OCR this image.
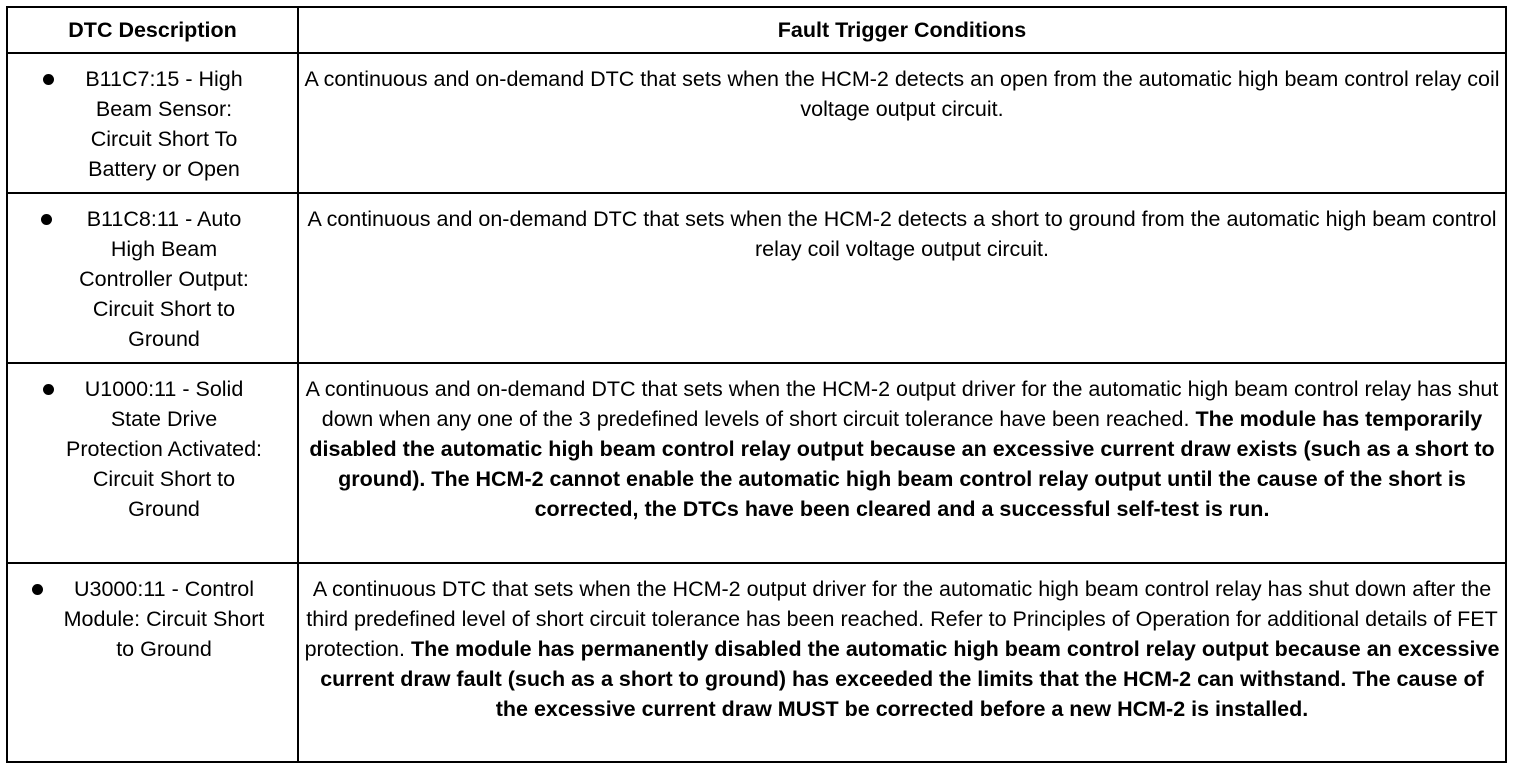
DTC Description	Fault Trigger Conditions

B11C7:15 - High Beam Sensor: Circuit Short To Battery or Open	A continuous and on-demand DTC that sets when the HCM-2 detects an open from the automatic high beam control relay coil voltage output circuit.

B11C8:11 - Auto High Beam Controller Output: Circuit Short to Ground	A continuous and on-demand DTC that sets when the HCM-2 detects a short to ground from the automatic high beam control relay coil voltage output circuit.

U1000:11 - Solid State Drive Protection Activated: Circuit Short to Ground	A continuous and on-demand DTC that sets when the HCM-2 output driver for the automatic high beam control relay has shut down when any one of the 3 predefined levels of short circuit tolerance have been reached. The module has temporarily disabled the automatic high beam control relay output because an excessive current draw exists (such as a short to ground). The HCM-2 cannot enable the automatic high beam control relay output until the cause of the short is corrected, the DTCs have been cleared and a successful self-test is run.

U3000:11 - Control Module: Circuit Short to Ground	A continuous DTC that sets when the HCM-2 output driver for the automatic high beam control relay has shut down after the third predefined level of short circuit tolerance has been reached. Refer to Principles of Operation for additional details of FET protection. The module has permanently disabled the automatic high beam control relay output because an excessive current draw fault (such as a short to ground) has exceeded the limits that the HCM-2 can withstand. The cause of the excessive current draw MUST be corrected before a new HCM-2 is installed.
